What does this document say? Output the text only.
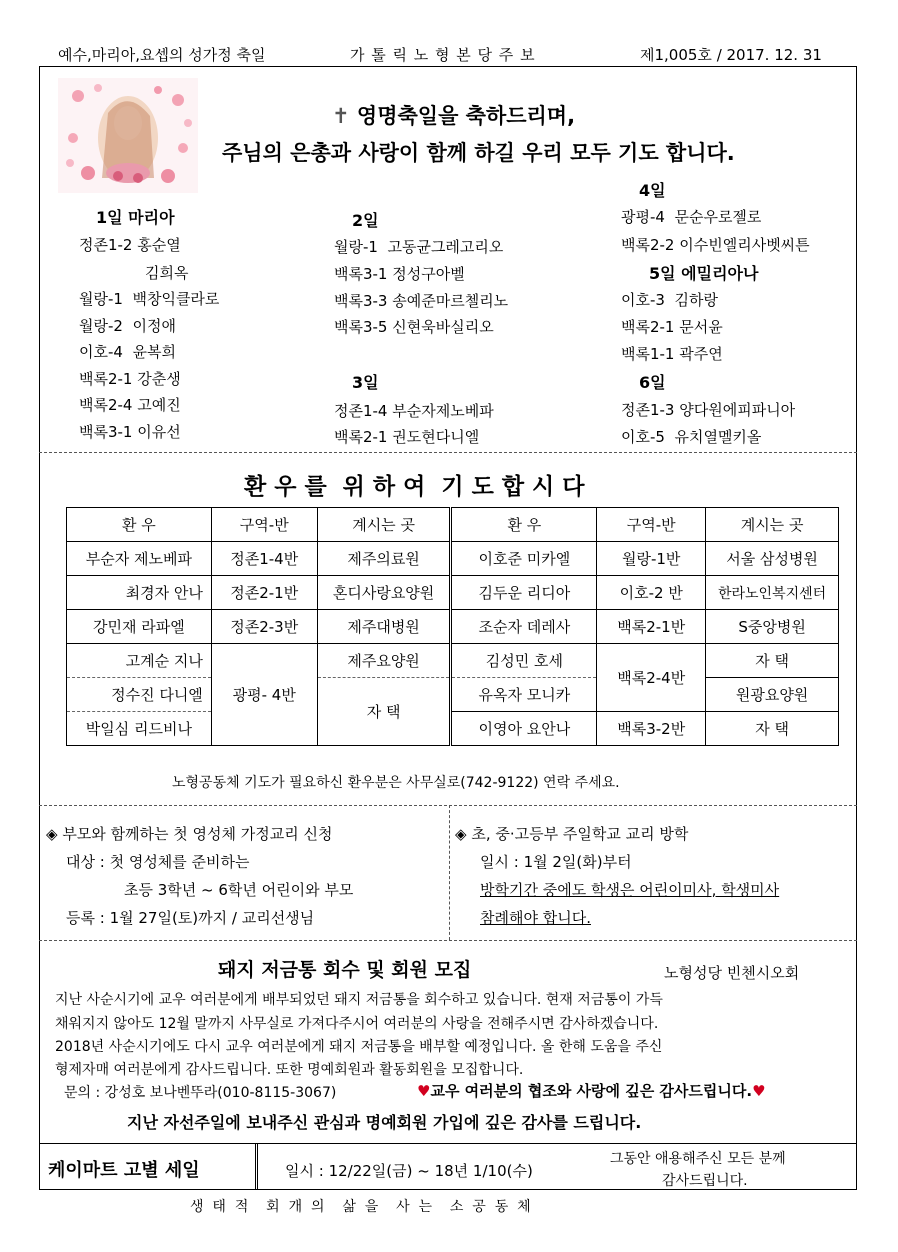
예수,마리아,요셉의 성가정 축일	가 톨 릭 노 형 본 당 주 보	제1,005호 / 2017. 12. 31
✝ 영명축일을 축하드리며,
주님의 은총과 사랑이 함께 하길 우리 모두 기도 합니다.
1일 마리아
정존1-2 홍순열
김희옥
월랑-1  백창익클라로
월랑-2  이정애
이호-4  윤복희
백록2-1 강춘생
백록2-4 고예진
백록3-1 이유선
2일
월랑-1  고동균그레고리오
백록3-1 정성구아벨
백록3-3 송예준마르첼리노
백록3-5 신현욱바실리오
3일
정존1-4 부순자제노베파
백록2-1 권도현다니엘
4일
광평-4  문순우로젤로
백록2-2 이수빈엘리사벳씨튼
5일 에밀리아나
이호-3  김하랑
백록2-1 문서윤
백록1-1 곽주연
6일
정존1-3 양다원에피파니아
이호-5  유치열멜키올
환 우 를  위 하 여  기 도 합 시 다
환 우	구역-반	계시는 곳	환 우	구역-반	계시는 곳
부순자 제노베파	정존1-4반	제주의료원	이호준 미카엘	월랑-1반	서울 삼성병원
최경자 안나	정존2-1반	혼디사랑요양원	김두운 리디아	이호-2 반	한라노인복지센터
강민재 라파엘	정존2-3반	제주대병원	조순자 데레사	백록2-1반	S중앙병원
고계순 지나	광평- 4반	제주요양원	김성민 호세	백록2-4반	자 택
정수진 다니엘		자 택	유옥자 모니카		원광요양원
박일심 리드비나			이영아 요안나	백록3-2반	자 택
노형공동체 기도가 필요하신 환우분은 사무실로(742-9122) 연락 주세요.
◈ 부모와 함께하는 첫 영성체 가정교리 신청
대상 : 첫 영성체를 준비하는
초등 3학년 ~ 6학년 어린이와 부모
등록 : 1월 27일(토)까지 / 교리선생님
◈ 초, 중·고등부 주일학교 교리 방학
일시 : 1월 2일(화)부터
방학기간 중에도 학생은 어린이미사, 학생미사
참례해야 합니다.
돼지 저금통 회수 및 회원 모집	노형성당 빈첸시오회
지난 사순시기에 교우 여러분에게 배부되었던 돼지 저금통을 회수하고 있습니다. 현재 저금통이 가득
채워지지 않아도 12월 말까지 사무실로 가져다주시어 여러분의 사랑을 전해주시면 감사하겠습니다.
2018년 사순시기에도 다시 교우 여러분에게 돼지 저금통을 배부할 예정입니다. 올 한해 도움을 주신
형제자매 여러분에게 감사드립니다. 또한 명예회원과 활동회원을 모집합니다.
문의 : 강성호 보나벤뚜라(010-8115-3067)	♥교우 여러분의 협조와 사랑에 깊은 감사드립니다.♥
지난 자선주일에 보내주신 관심과 명예회원 가입에 깊은 감사를 드립니다.
케이마트 고별 세일	일시 : 12/22일(금) ~ 18년 1/10(수)
그동안 애용해주신 모든 분께
감사드립니다.
생  태  적    회  개  의    삶  을    사  는    소  공  동  체
